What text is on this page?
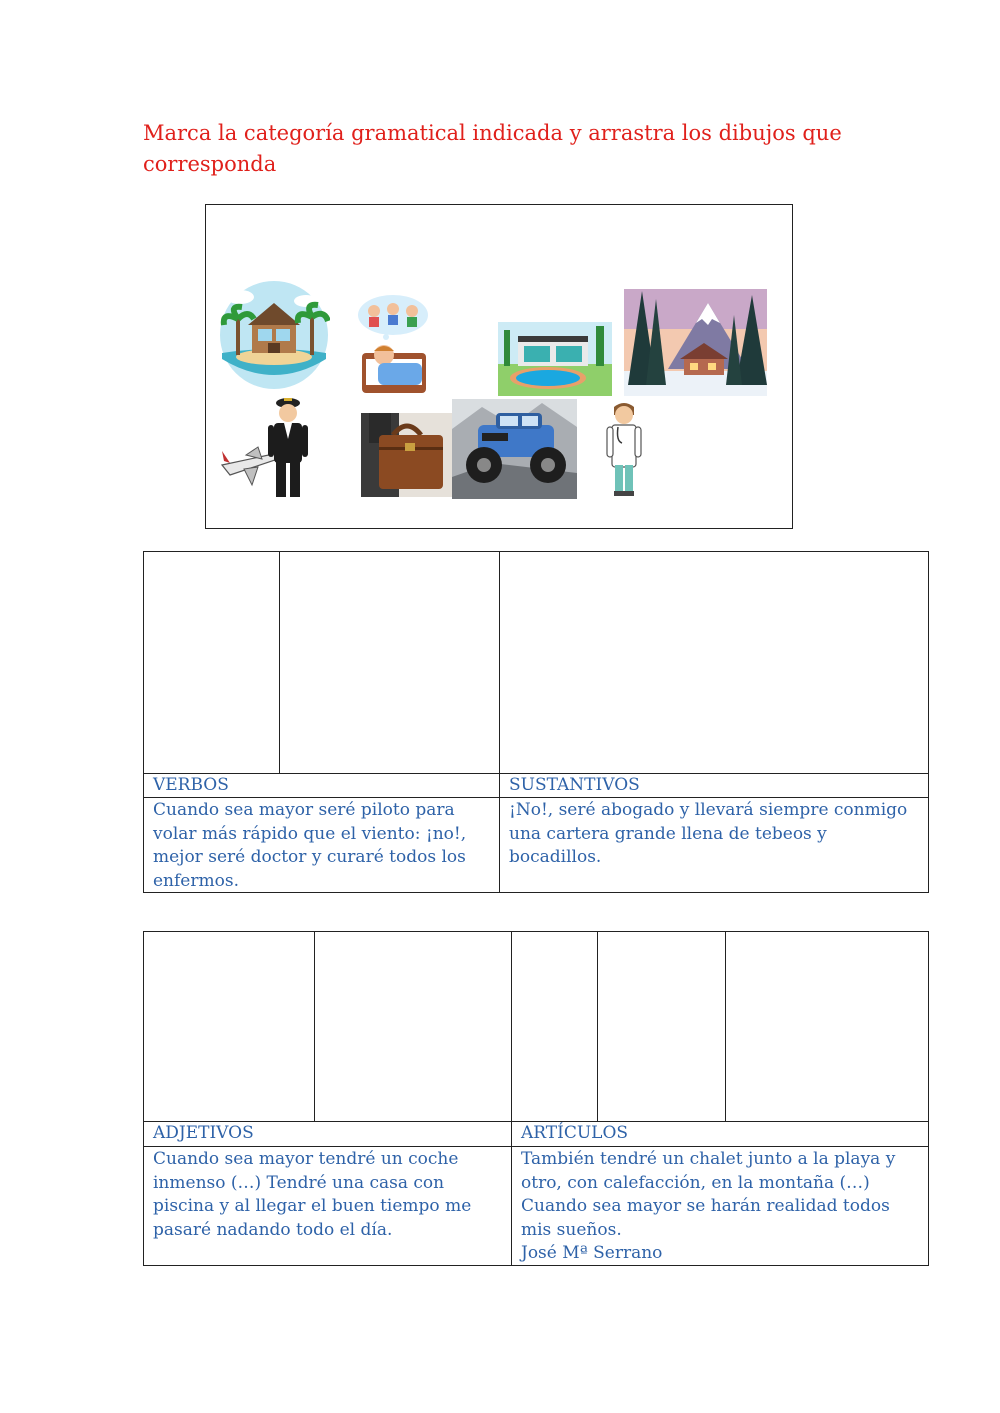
Marca la categoría gramatical indicada y arrastra los dibujos que corresponda
VERBOS	SUSTANTIVOS
Cuando sea mayor seré piloto para volar más rápido que el viento: ¡no!, mejor seré doctor y curaré todos los enfermos.
¡No!, seré abogado y llevará siempre conmigo una cartera grande llena de tebeos y bocadillos.
ADJETIVOS	ARTÍCULOS
Cuando sea mayor tendré un coche inmenso (…) Tendré una casa con piscina y al llegar el buen tiempo me pasaré nadando todo el día.
También tendré un chalet junto a la playa y otro, con calefacción, en la montaña (…) Cuando sea mayor se harán realidad todos mis sueños.
José Mª Serrano
